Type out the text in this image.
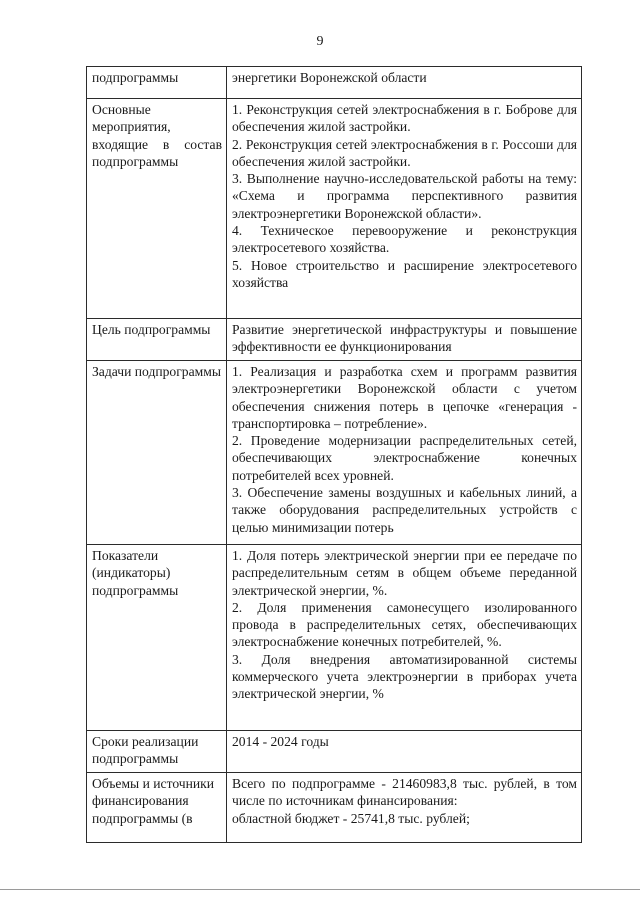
9
подпрограммы	энергетики Воронежской области

Основные мероприятия, входящие в состав подпрограммы	1. Реконструкция сетей электроснабжения в г. Боброве для обеспечения жилой застройки.
2. Реконструкция сетей электроснабжения в г. Россоши для обеспечения жилой застройки.
3. Выполнение научно-исследовательской работы на тему: «Схема и программа перспективного развития электроэнергетики Воронежской области».
4. Техническое перевооружение и реконструкция электросетевого хозяйства.
5. Новое строительство и расширение электросетевого хозяйства

Цель подпрограммы	Развитие энергетической инфраструктуры и повышение эффективности ее функционирования

Задачи подпрограммы	1. Реализация и разработка схем и программ развития электроэнергетики Воронежской области с учетом обеспечения снижения потерь в цепочке «генерация - транспортировка – потребление».
2. Проведение модернизации распределительных сетей, обеспечивающих электроснабжение конечных потребителей всех уровней.
3. Обеспечение замены воздушных и кабельных линий, а также оборудования распределительных устройств с целью минимизации потерь

Показатели (индикаторы) подпрограммы	1. Доля потерь электрической энергии при ее передаче по распределительным сетям в общем объеме переданной электрической энергии, %.
2. Доля применения самонесущего изолированного провода в распределительных сетях, обеспечивающих электроснабжение конечных потребителей, %.
3. Доля внедрения автоматизированной системы коммерческого учета электроэнергии в приборах учета электрической энергии, %

Сроки реализации подпрограммы	2014 - 2024 годы

Объемы и источники финансирования подпрограммы (в	Всего по подпрограмме - 21460983,8 тыс. рублей, в том числе по источникам финансирования:
областной бюджет - 25741,8 тыс. рублей;
